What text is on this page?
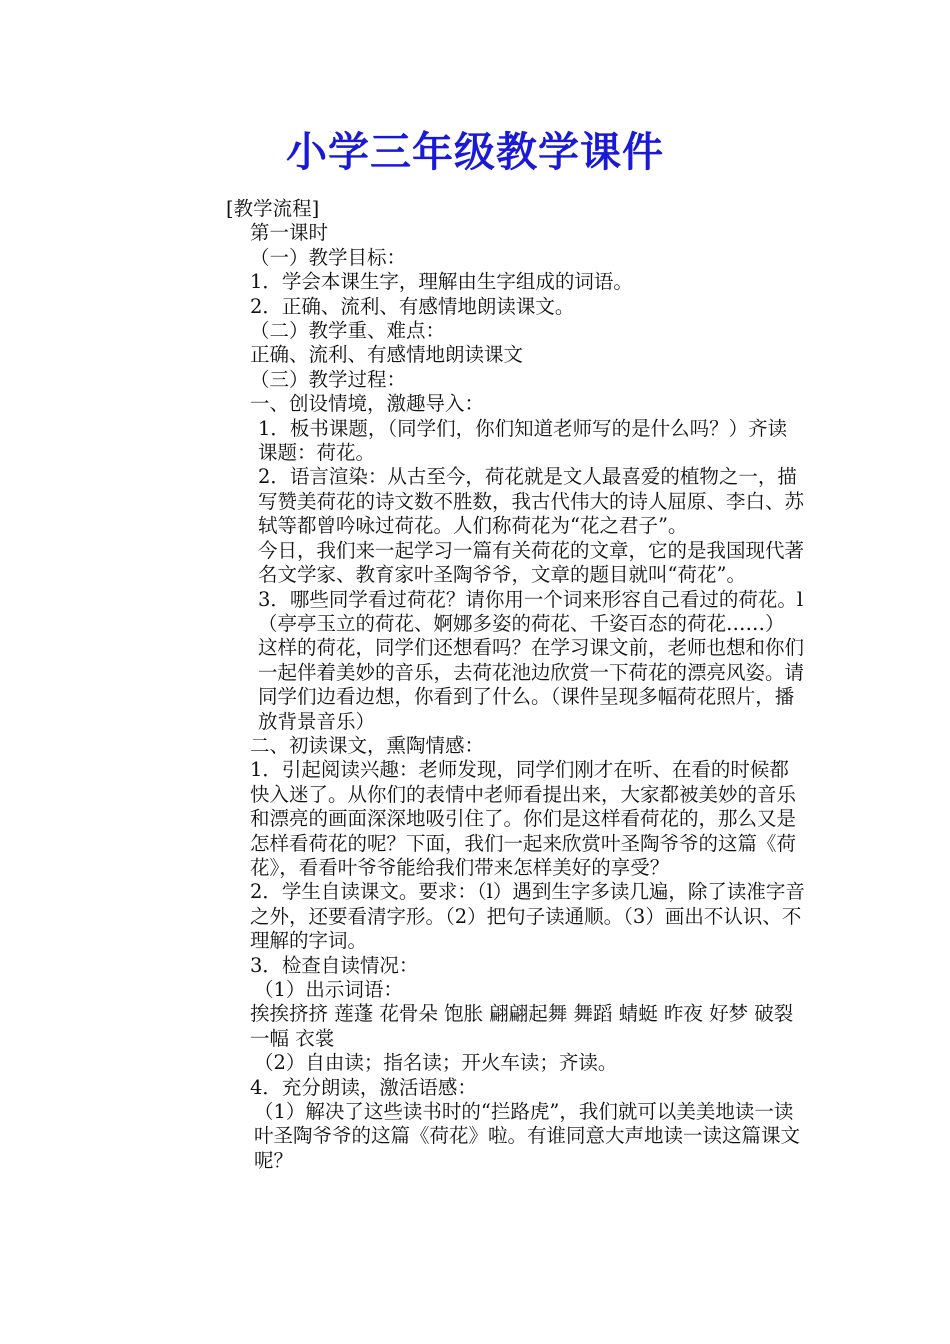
小学三年级教学课件

[教学流程]

第一课时

（一）教学目标：

1．学会本课生字，理解由生字组成的词语。

2．正确、流利、有感情地朗读课文。

（二）教学重、难点：

正确、流利、有感情地朗读课文

（三）教学过程：

一、创设情境，激趣导入：

1．板书课题，（同学们，你们知道老师写的是什么吗？）齐读课题：荷花。

2．语言渲染：从古至今，荷花就是文人最喜爱的植物之一，描写赞美荷花的诗文数不胜数，我古代伟大的诗人屈原、李白、苏轼等都曾吟咏过荷花。人们称荷花为“花之君子”。

今日，我们来一起学习一篇有关荷花的文章，它的是我国现代著名文学家、教育家叶圣陶爷爷，文章的题目就叫“荷花”。

3．哪些同学看过荷花？请你用一个词来形容自己看过的荷花。l（亭亭玉立的荷花、婀娜多姿的荷花、千姿百态的荷花……）

这样的荷花，同学们还想看吗？在学习课文前，老师也想和你们一起伴着美妙的音乐，去荷花池边欣赏一下荷花的漂亮风姿。请同学们边看边想，你看到了什么。（课件呈现多幅荷花照片，播放背景音乐）

二、初读课文，熏陶情感：

1．引起阅读兴趣：老师发现，同学们刚才在听、在看的时候都快入迷了。从你们的表情中老师看提出来，大家都被美妙的音乐和漂亮的画面深深地吸引住了。你们是这样看荷花的，那么又是怎样看荷花的呢？下面，我们一起来欣赏叶圣陶爷爷的这篇《荷花》，看看叶爷爷能给我们带来怎样美好的享受？

2．学生自读课文。要求：（l）遇到生字多读几遍，除了读准字音之外，还要看清字形。（2）把句子读通顺。（3）画出不认识、不理解的字词。

3．检查自读情况：

（1）出示词语：

挨挨挤挤 莲蓬 花骨朵 饱胀 翩翩起舞 舞蹈 蜻蜓 昨夜 好梦 破裂 一幅 衣裳

（2）自由读；指名读；开火车读；齐读。

4．充分朗读，激活语感：

（1）解决了这些读书时的“拦路虎”，我们就可以美美地读一读叶圣陶爷爷的这篇《荷花》啦。有谁同意大声地读一读这篇课文呢？
